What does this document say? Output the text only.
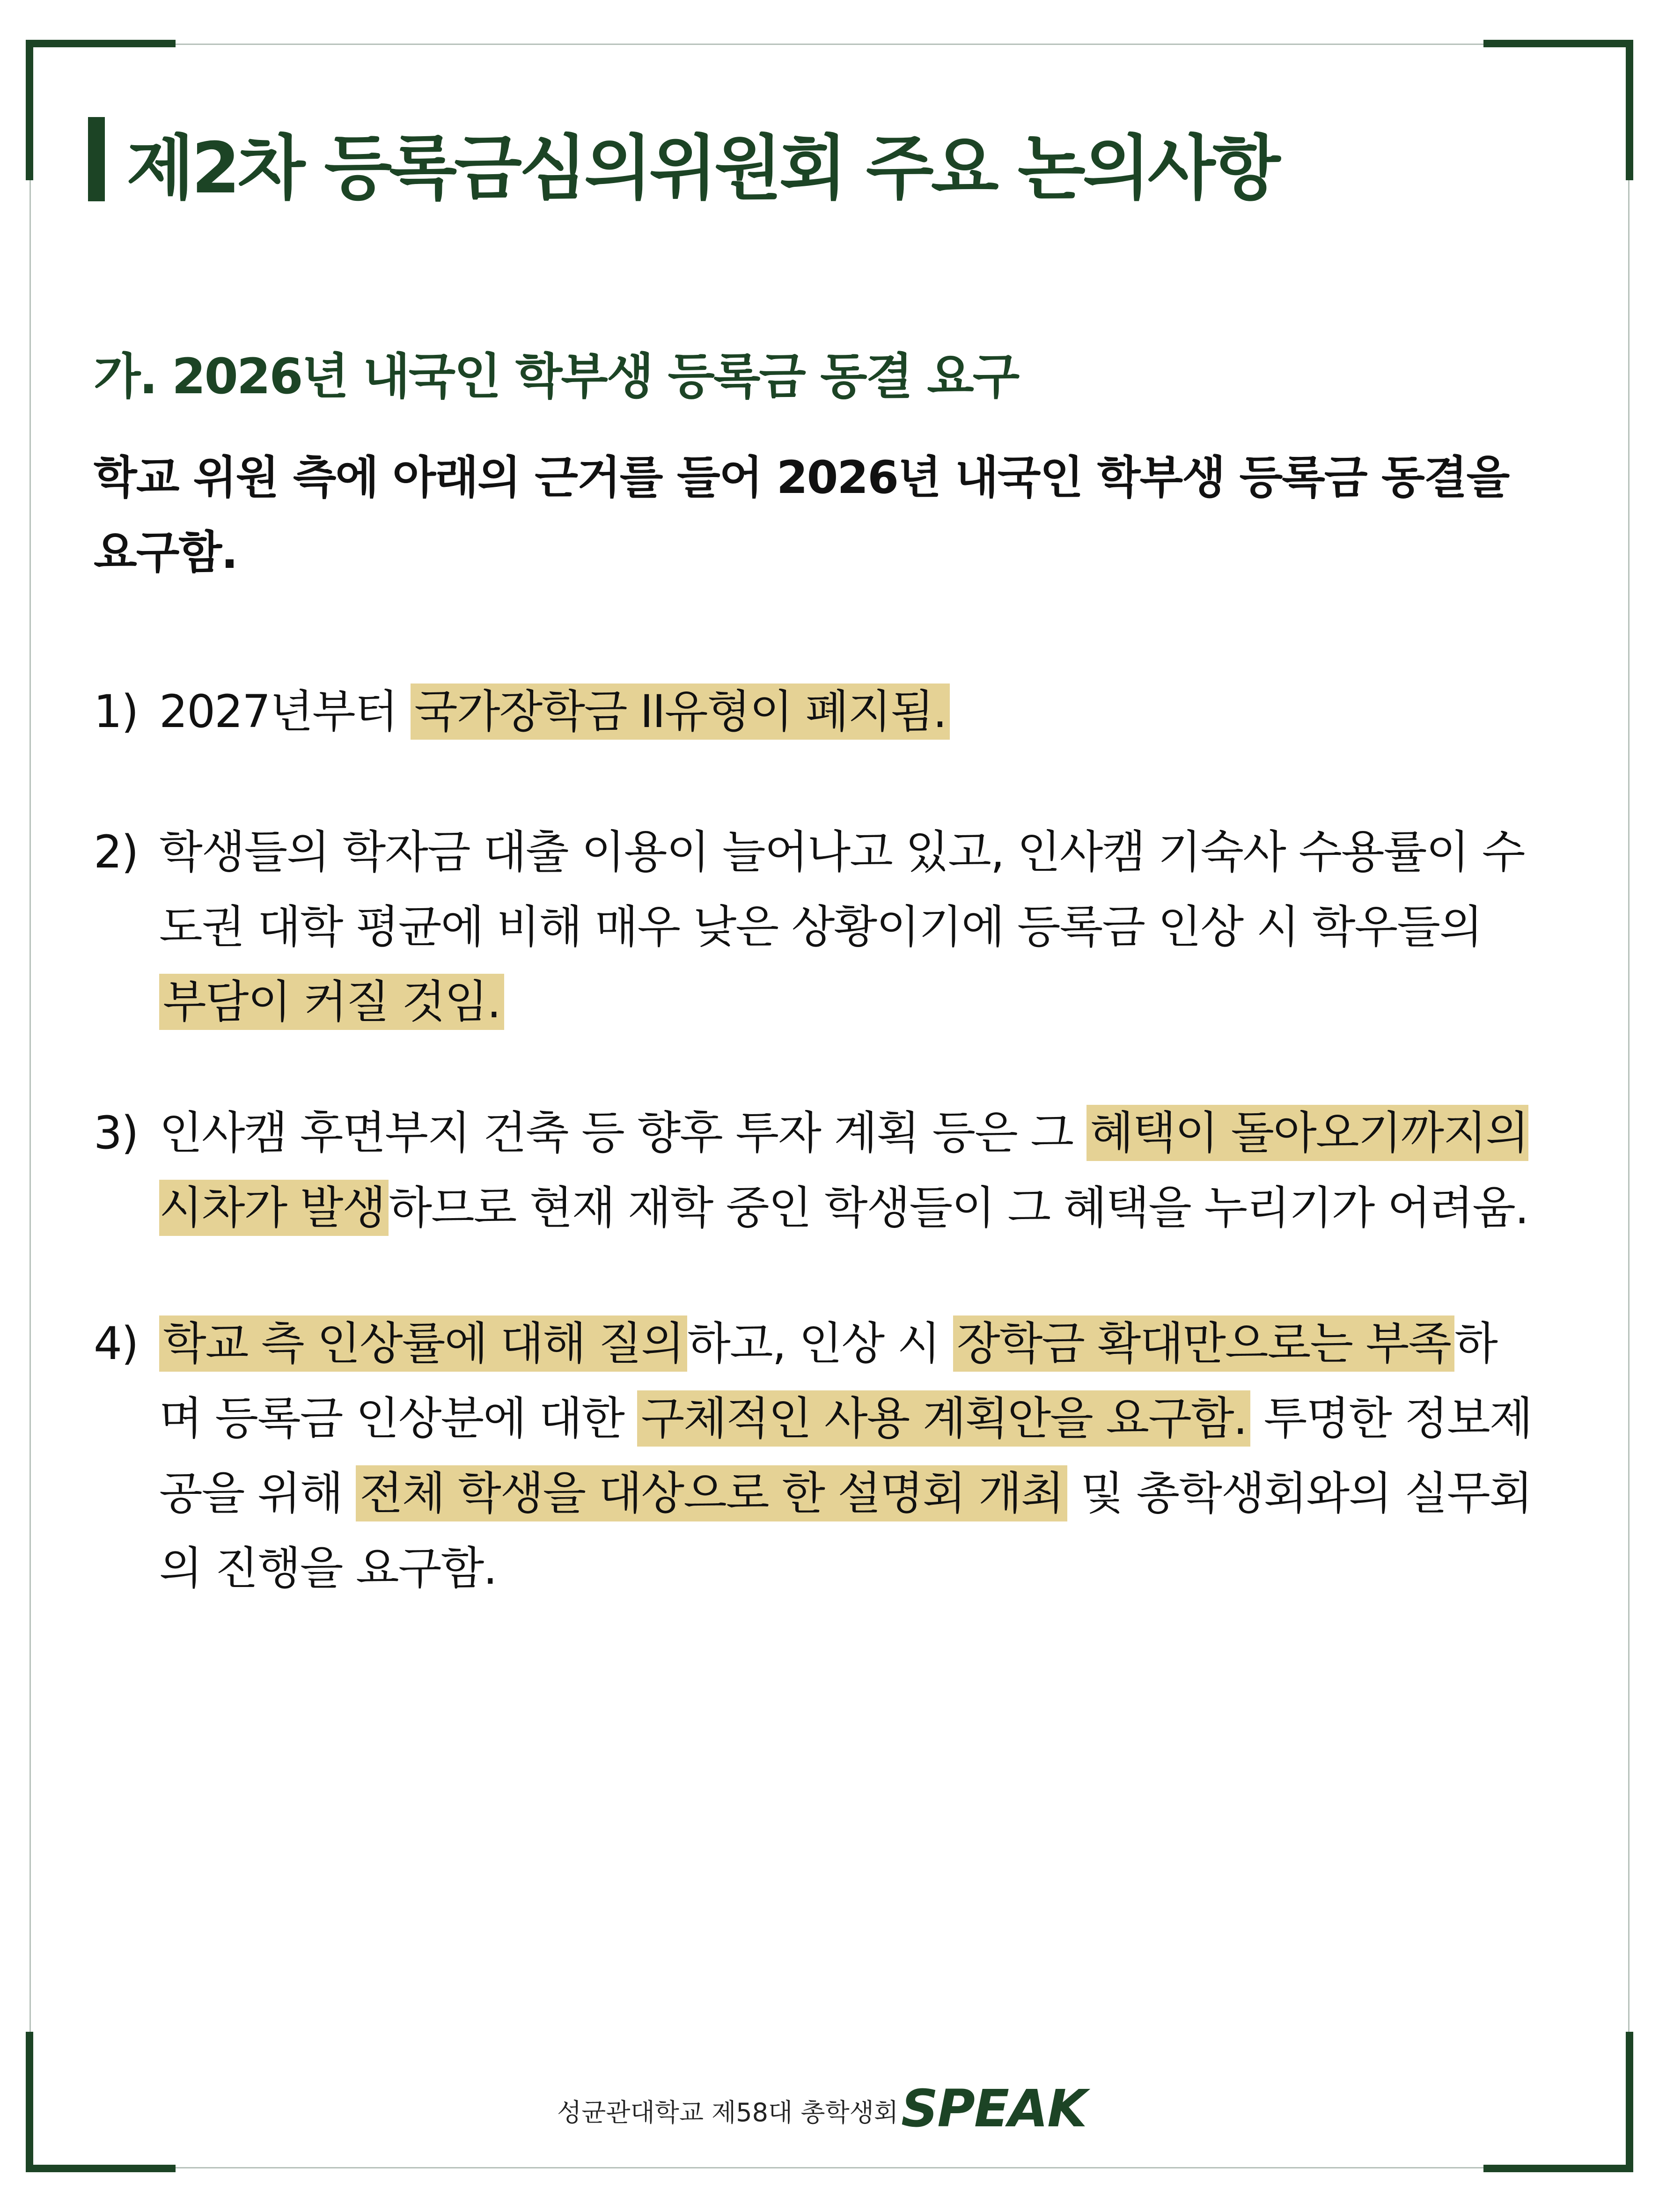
제2차 등록금심의위원회 주요 논의사항
가. 2026년 내국인 학부생 등록금 동결 요구
학교 위원 측에 아래의 근거를 들어 2026년 내국인 학부생 등록금 동결을 요구함.
1) 2027년부터 국가장학금 II유형이 폐지됨.
2) 학생들의 학자금 대출 이용이 늘어나고 있고, 인사캠 기숙사 수용률이 수도권 대학 평균에 비해 매우 낮은 상황이기에 등록금 인상 시 학우들의 부담이 커질 것임.
3) 인사캠 후면부지 건축 등 향후 투자 계획 등은 그 혜택이 돌아오기까지의 시차가 발생하므로 현재 재학 중인 학생들이 그 혜택을 누리기가 어려움.
4) 학교 측 인상률에 대해 질의하고, 인상 시 장학금 확대만으로는 부족하며 등록금 인상분에 대한 구체적인 사용 계획안을 요구함. 투명한 정보제공을 위해 전체 학생을 대상으로 한 설명회 개최 및 총학생회와의 실무회의 진행을 요구함.
성균관대학교 제58대 총학생회 SPEAK
